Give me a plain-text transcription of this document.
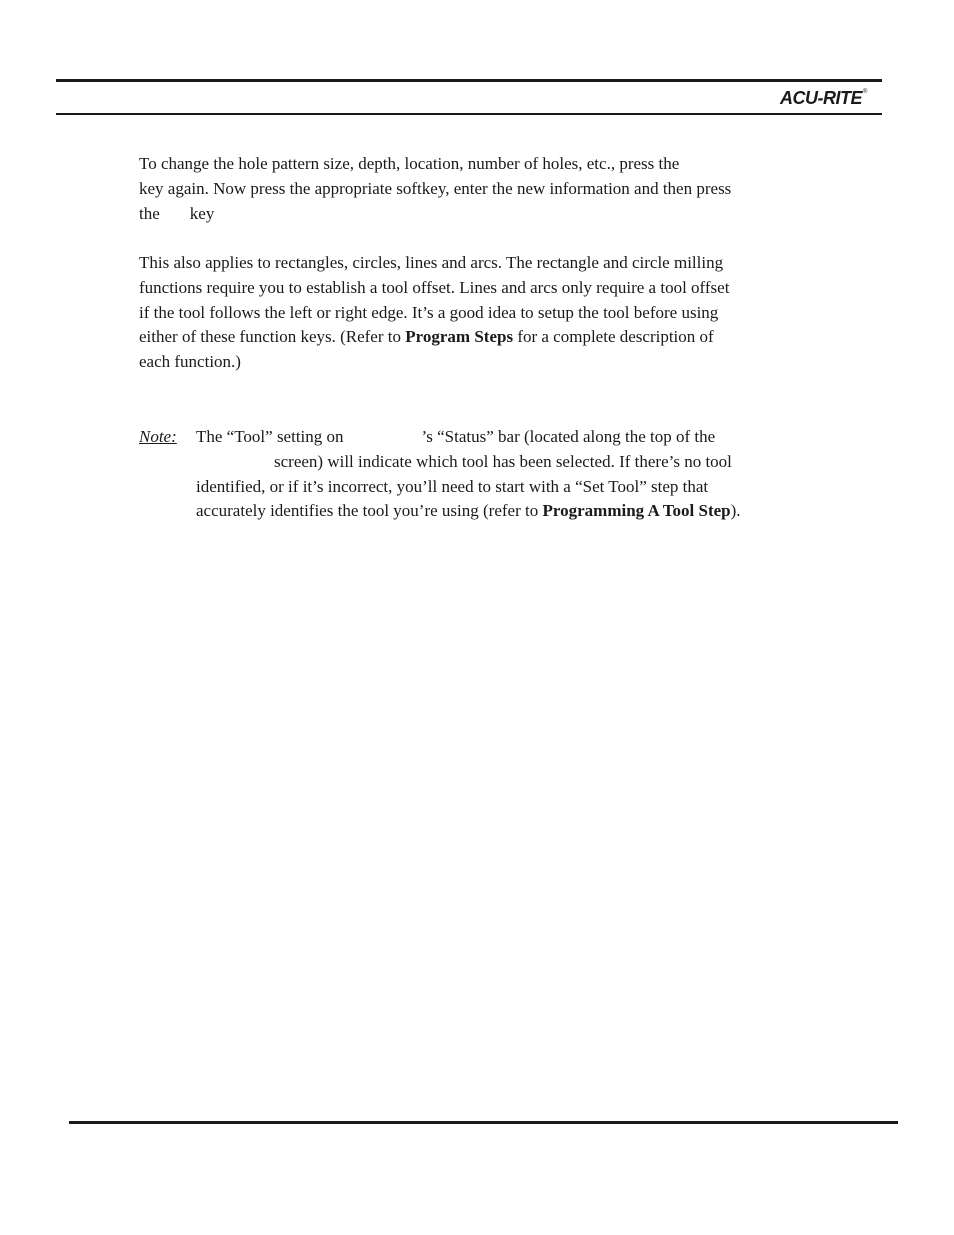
ACU-RITE ®
To change the hole pattern size, depth, location, number of holes, etc., press the
key again. Now press the appropriate softkey, enter the new information and then press
the key
This also applies to rectangles, circles, lines and arcs. The rectangle and circle milling
functions require you to establish a tool offset. Lines and arcs only require a tool offset
if the tool follows the left or right edge. It’s a good idea to setup the tool before using
either of these function keys. (Refer to Program Steps for a complete description of
each function.)
Note: The “Tool” setting on	’s “Status” bar (located along the top of the
screen) will indicate which tool has been selected. If there’s no tool
identified, or if it’s incorrect, you’ll need to start with a “Set Tool” step that
accurately identifies the tool you’re using (refer to Programming A Tool Step).
